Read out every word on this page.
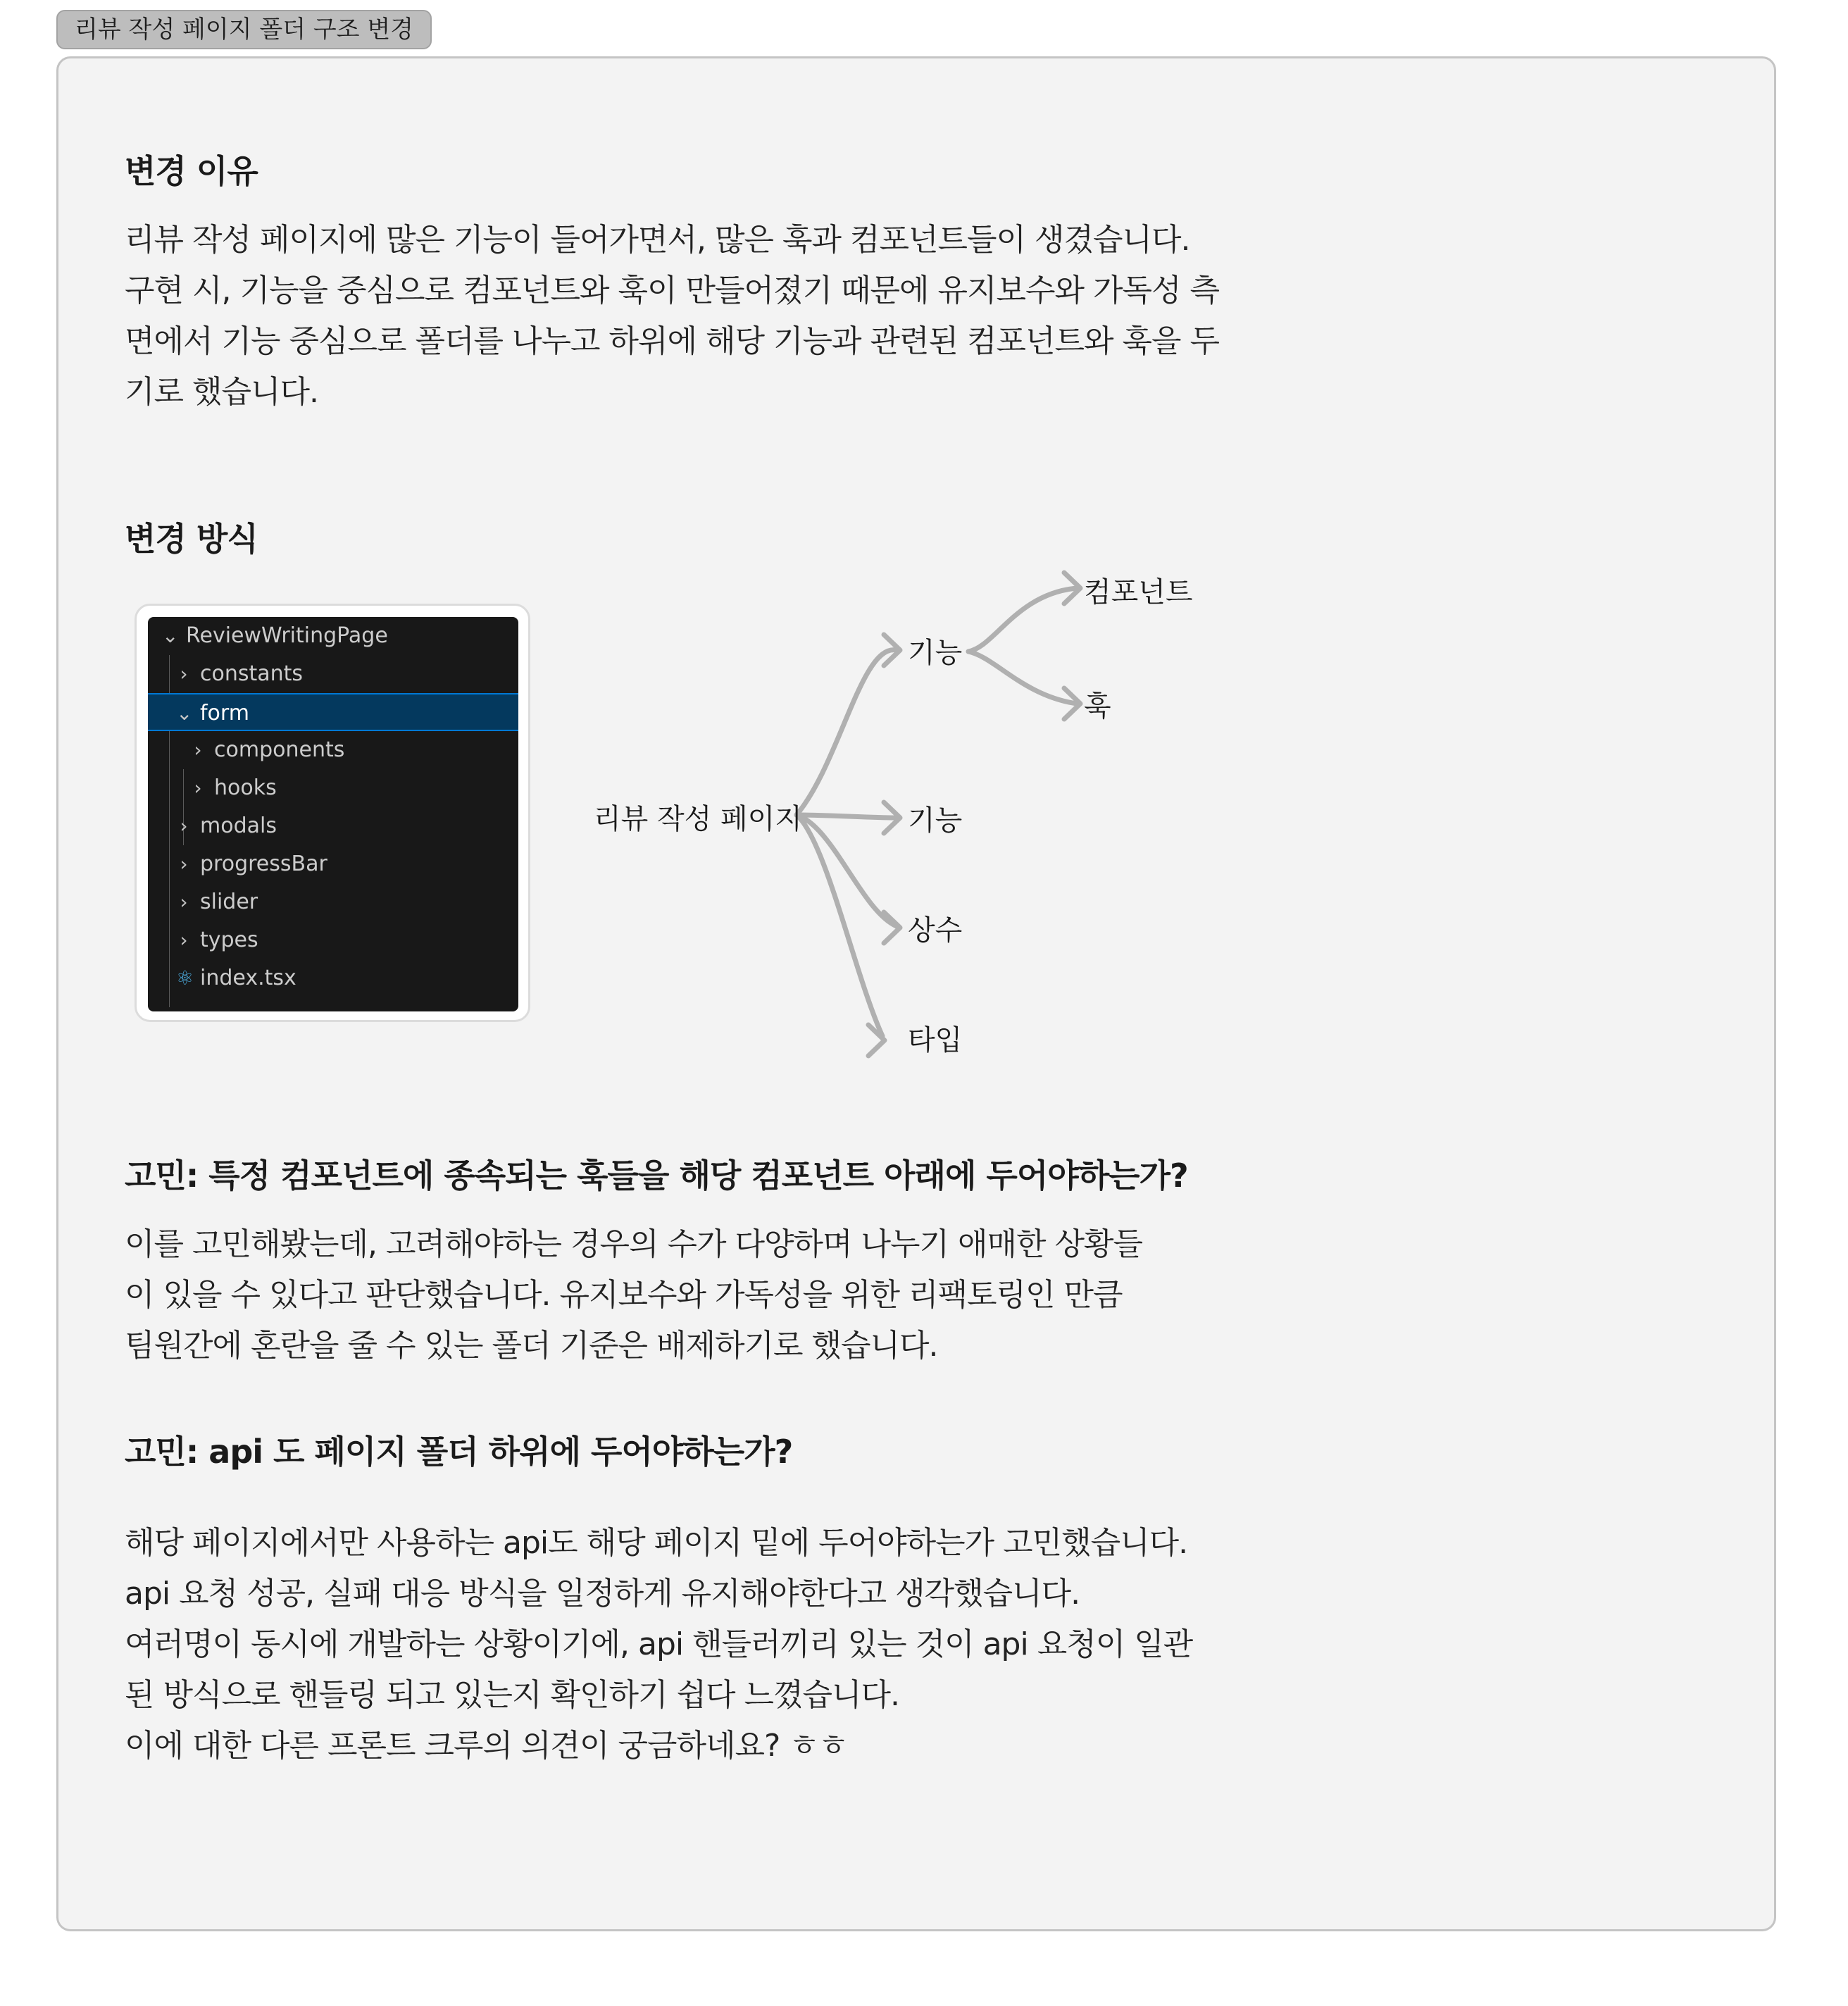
리뷰 작성 페이지 폴더 구조 변경
변경 이유
리뷰 작성 페이지에 많은 기능이 들어가면서, 많은 훅과 컴포넌트들이 생겼습니다.
구현 시, 기능을 중심으로 컴포넌트와 훅이 만들어졌기 때문에 유지보수와 가독성 측
면에서 기능 중심으로 폴더를 나누고 하위에 해당 기능과 관련된 컴포넌트와 훅을 두
기로 했습니다.
변경 방식
⌄ ReviewWritingPage
› constants
⌄ form
› components
› hooks
› modals
› progressBar
› slider
› types
⚛ index.tsx
리뷰 작성 페이지
기능
컴포넌트
훅
기능
상수
타입
고민: 특정 컴포넌트에 종속되는 훅들을 해당 컴포넌트 아래에 두어야하는가?
이를 고민해봤는데, 고려해야하는 경우의 수가 다양하며 나누기 애매한 상황들
이 있을 수 있다고 판단했습니다. 유지보수와 가독성을 위한 리팩토링인 만큼
팀원간에 혼란을 줄 수 있는 폴더 기준은 배제하기로 했습니다.
고민: api 도 페이지 폴더 하위에 두어야하는가?
해당 페이지에서만 사용하는 api도 해당 페이지 밑에 두어야하는가 고민했습니다.
api 요청 성공, 실패 대응 방식을 일정하게 유지해야한다고 생각했습니다.
여러명이 동시에 개발하는 상황이기에, api 핸들러끼리 있는 것이 api 요청이 일관
된 방식으로 핸들링 되고 있는지 확인하기 쉽다 느꼈습니다.
이에 대한 다른 프론트 크루의 의견이 궁금하네요? ㅎㅎ
